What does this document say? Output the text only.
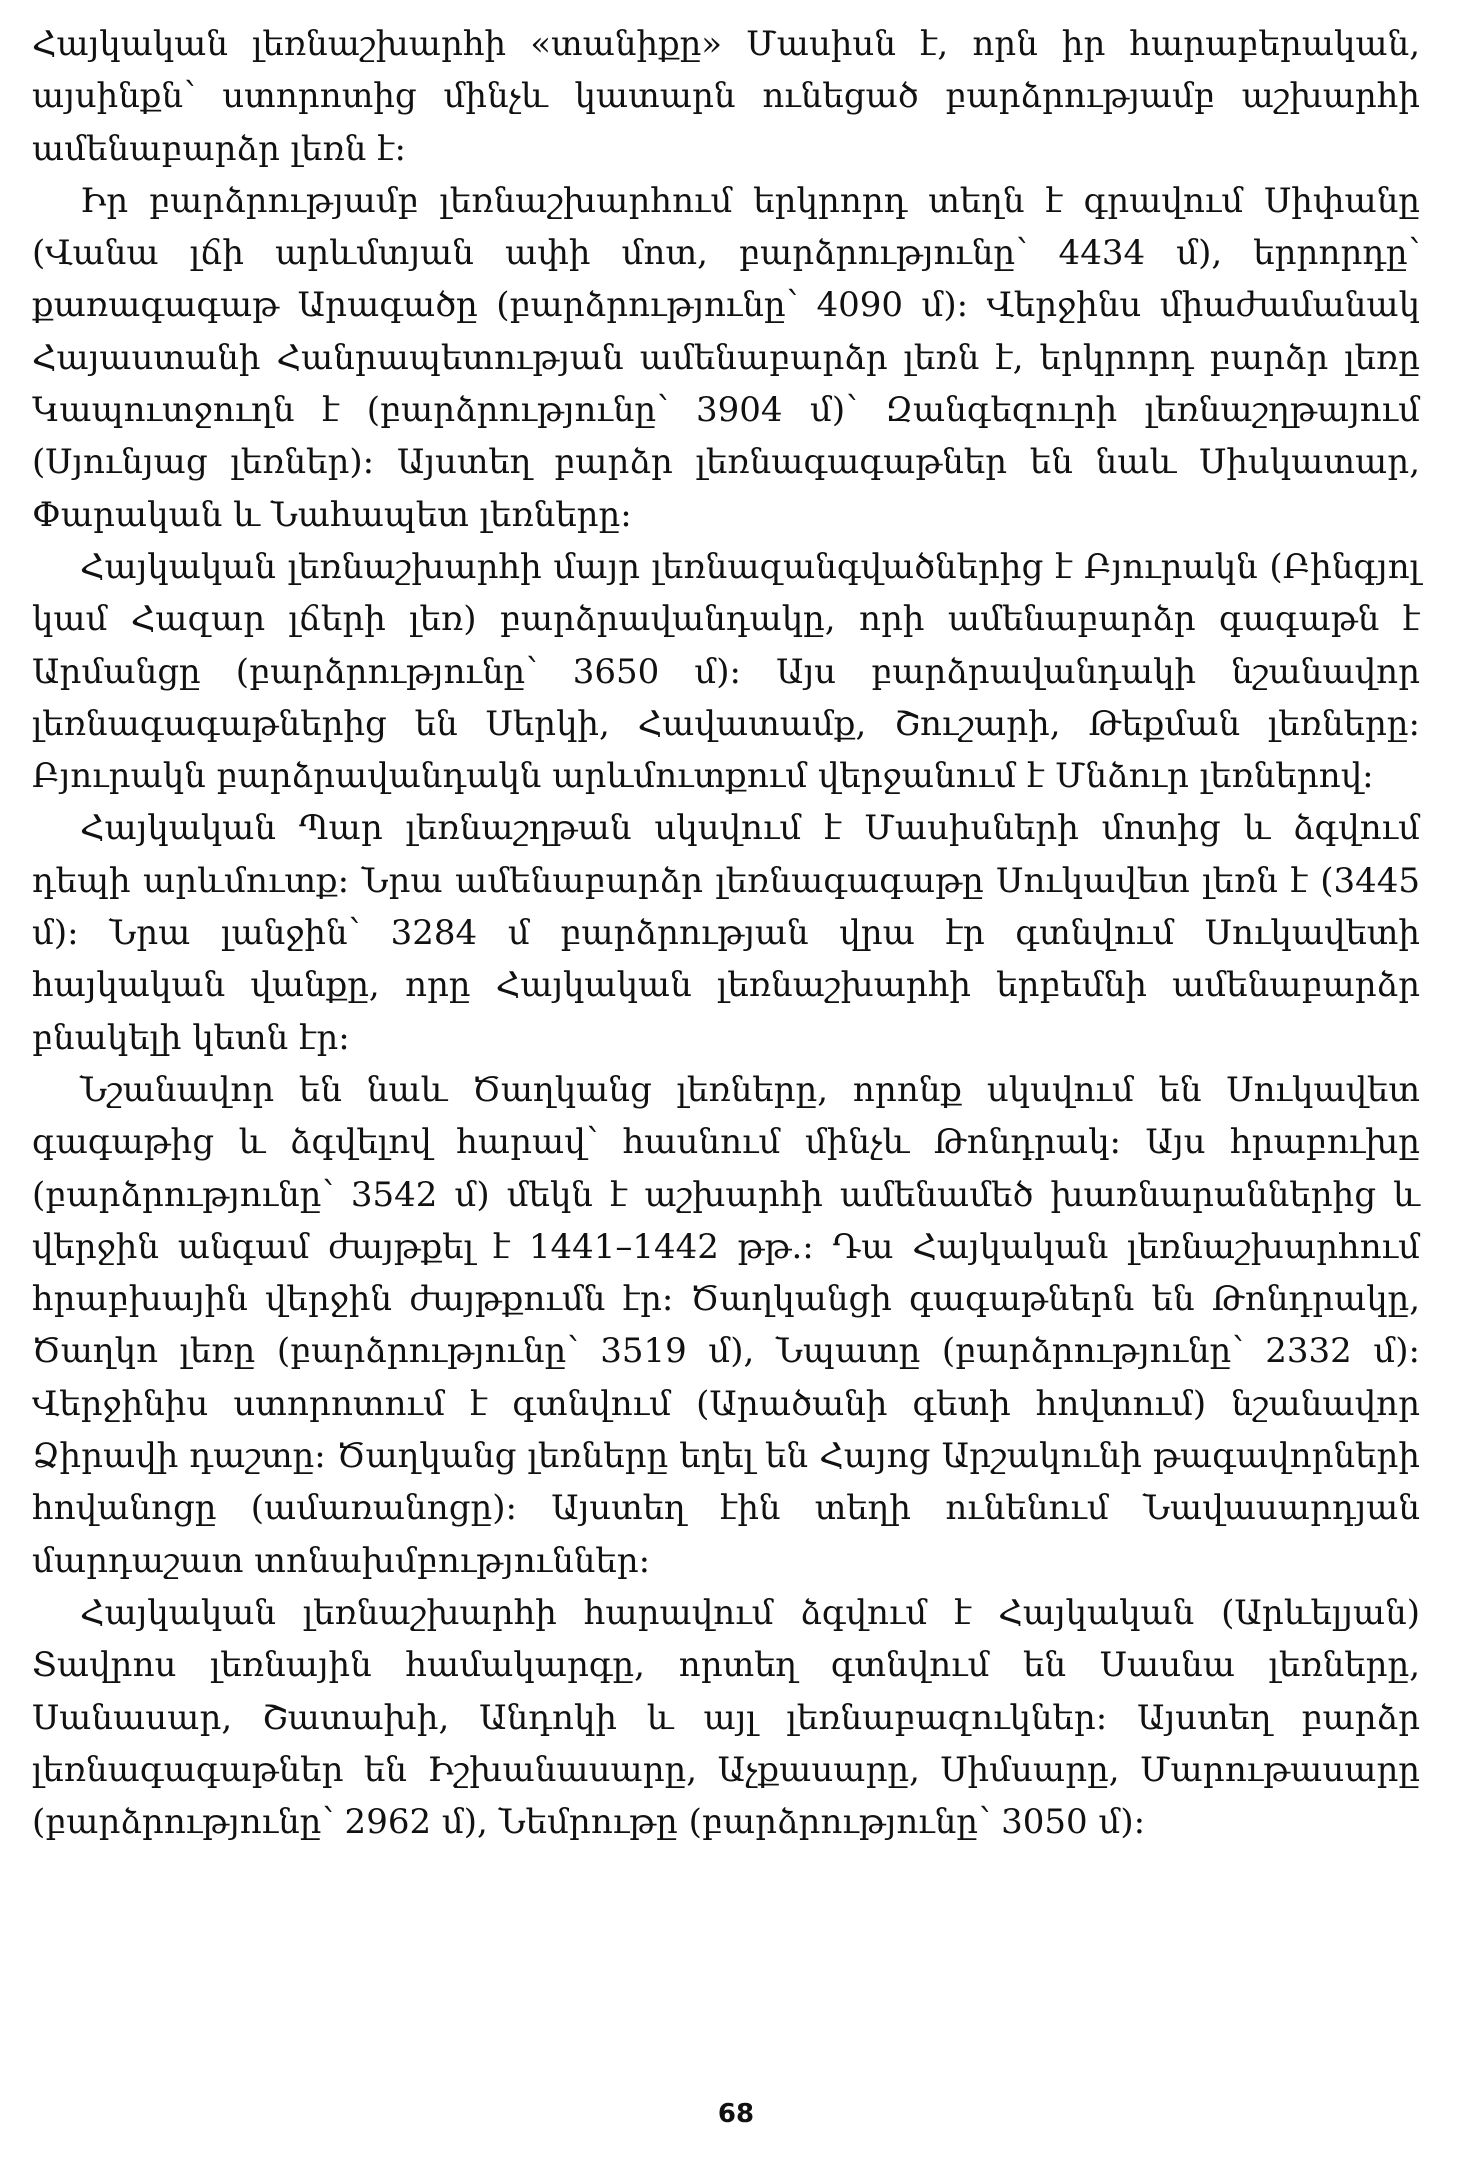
Հայկական լեռնաշխարհի «տանիքը» Մասիսն է, որն իր հարաբերական, այսինքն՝ ստորոտից մինչև կատարն ունեցած բարձրությամբ աշխարհի ամենաբարձր լեռն է:

Իր բարձրությամբ լեռնաշխարհում երկրորդ տեղն է գրավում Սիփանը (Վանա լճի արևմտյան ափի մոտ, բարձրությունը՝ 4434 մ), երրորդը՝ քառագագաթ Արագածը (բարձրությունը՝ 4090 մ): Վերջինս միաժամանակ Հայաստանի Հանրապետության ամենաբարձր լեռն է, երկրորդ բարձր լեռը Կապուտջուղն է (բարձրությունը՝ 3904 մ)՝ Զանգեզուրի լեռնաշղթայում (Սյունյաց լեռներ): Այստեղ բարձր լեռնագագաթներ են նաև Սիսկատար, Փարական և Նահապետ լեռները:

Հայկական լեռնաշխարհի մայր լեռնազանգվածներից է Բյուրակն (Բինգյոլ կամ Հազար լճերի լեռ) բարձրավանդակը, որի ամենաբարձր գագաթն է Արմանցը (բարձրությունը՝ 3650 մ): Այս բարձրավանդակի նշանավոր լեռնագագաթներից են Սերկի, Հավատամք, Շուշարի, Թեքման լեռները: Բյուրակն բարձրավանդակն արևմուտքում վերջանում է Մնձուր լեռներով:

Հայկական Պար լեռնաշղթան սկսվում է Մասիսների մոտից և ձգվում դեպի արևմուտք: Նրա ամենաբարձր լեռնագագաթը Սուկավետ լեռն է (3445 մ): Նրա լանջին՝ 3284 մ բարձրության վրա էր գտնվում Սուկավետի հայկական վանքը, որը Հայկական լեռնաշխարհի երբեմնի ամենաբարձր բնակելի կետն էր:

Նշանավոր են նաև Ծաղկանց լեռները, որոնք սկսվում են Սուկավետ գագաթից և ձգվելով հարավ՝ հասնում մինչև Թոնդրակ: Այս հրաբուխը (բարձրությունը՝ 3542 մ) մեկն է աշխարհի ամենամեծ խառնարաններից և վերջին անգամ ժայթքել է 1441–1442 թթ.: Դա Հայկական լեռնաշխարհում հրաբխային վերջին ժայթքումն էր: Ծաղկանցի գագաթներն են Թոնդրակը, Ծաղկո լեռը (բարձրությունը՝ 3519 մ), Նպատը (բարձրությունը՝ 2332 մ): Վերջինիս ստորոտում է գտնվում (Արածանի գետի հովտում) նշանավոր Ձիրավի դաշտը: Ծաղկանց լեռները եղել են Հայոց Արշակունի թագավորների հովանոցը (ամառանոցը): Այստեղ էին տեղի ունենում Նավասարդյան մարդաշատ տոնախմբություններ:

Հայկական լեռնաշխարհի հարավում ձգվում է Հայկական (Արևելյան) Տավրոս լեռնային համակարգը, որտեղ գտնվում են Սասնա լեռները, Սանասար, Շատախի, Անդոկի և այլ լեռնաբազուկներ: Այստեղ բարձր լեռնագագաթներ են Իշխանասարը, Աչքասարը, Սիմսարը, Մարութասարը (բարձրությունը՝ 2962 մ), Նեմրութը (բարձրությունը՝ 3050 մ):

68
